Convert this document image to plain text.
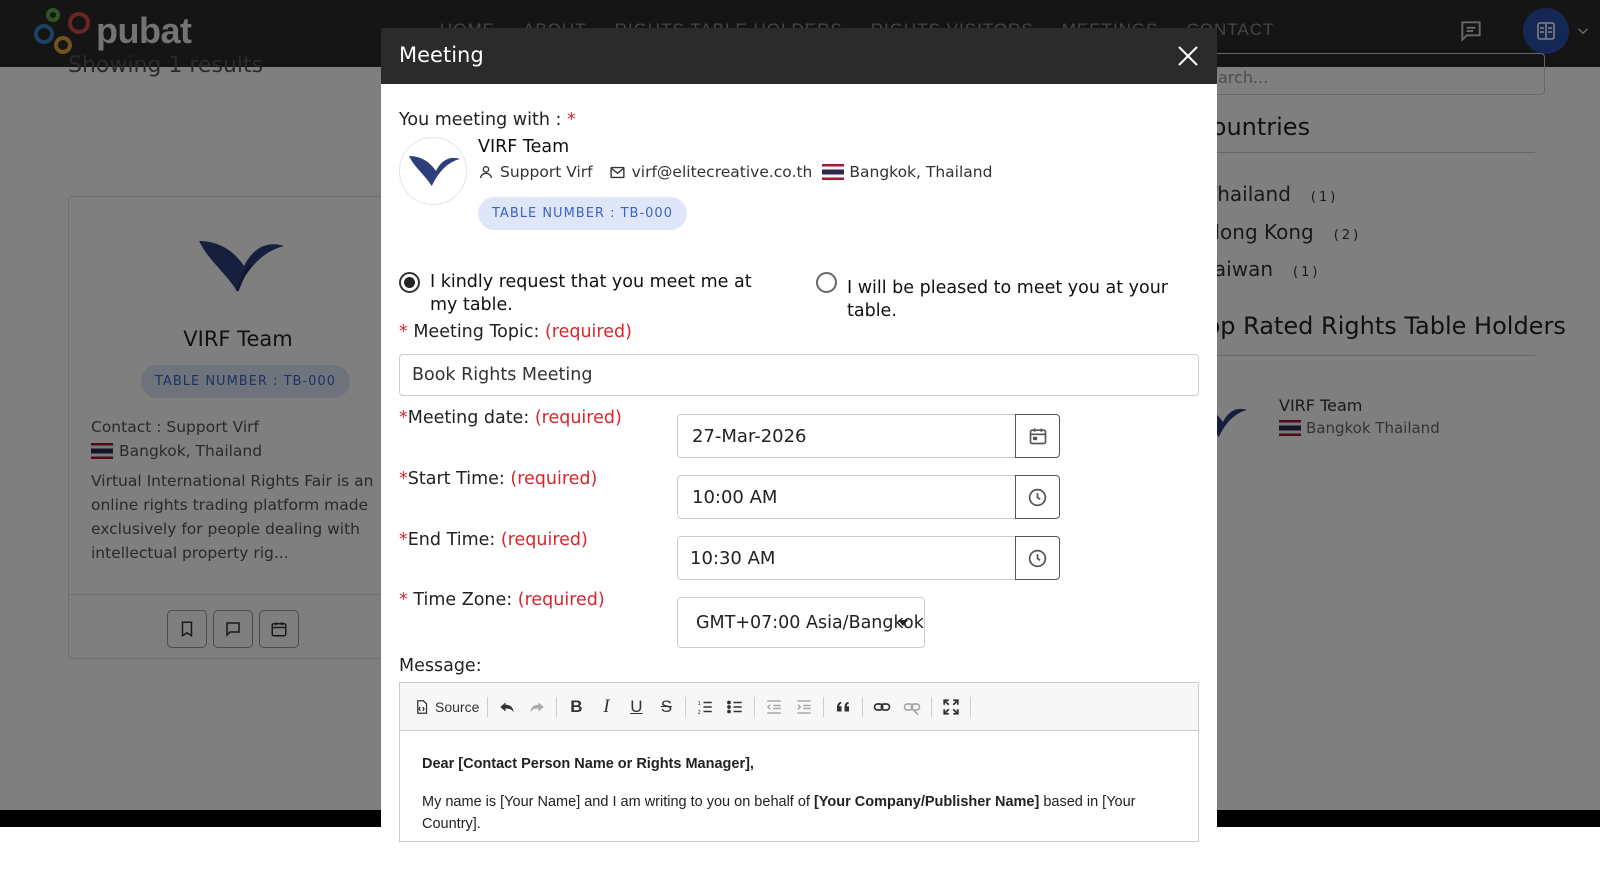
Meeting
You meeting with : *
VIRF Team
Support Virf	virf@elitecreative.co.th Bangkok, Thailand
TABLE NUMBER : TB-000
I kindly request that you meet me at my table.
I will be pleased to meet you at your table.
* Meeting Topic: (required)
Book Rights Meeting
*Meeting date: (required)
27-Mar-2026
*Start Time: (required)
10:00 AM
*End Time: (required)
10:30 AM
* Time Zone: (required)
GMT+07:00 Asia/Bangkok
Message:
Source	B	I	U	S	1
2

Dear [Contact Person Name or Rights Manager],

My name is [Your Name] and I am writing to you on behalf of [Your Company/Publisher Name] based in [Your Country].
